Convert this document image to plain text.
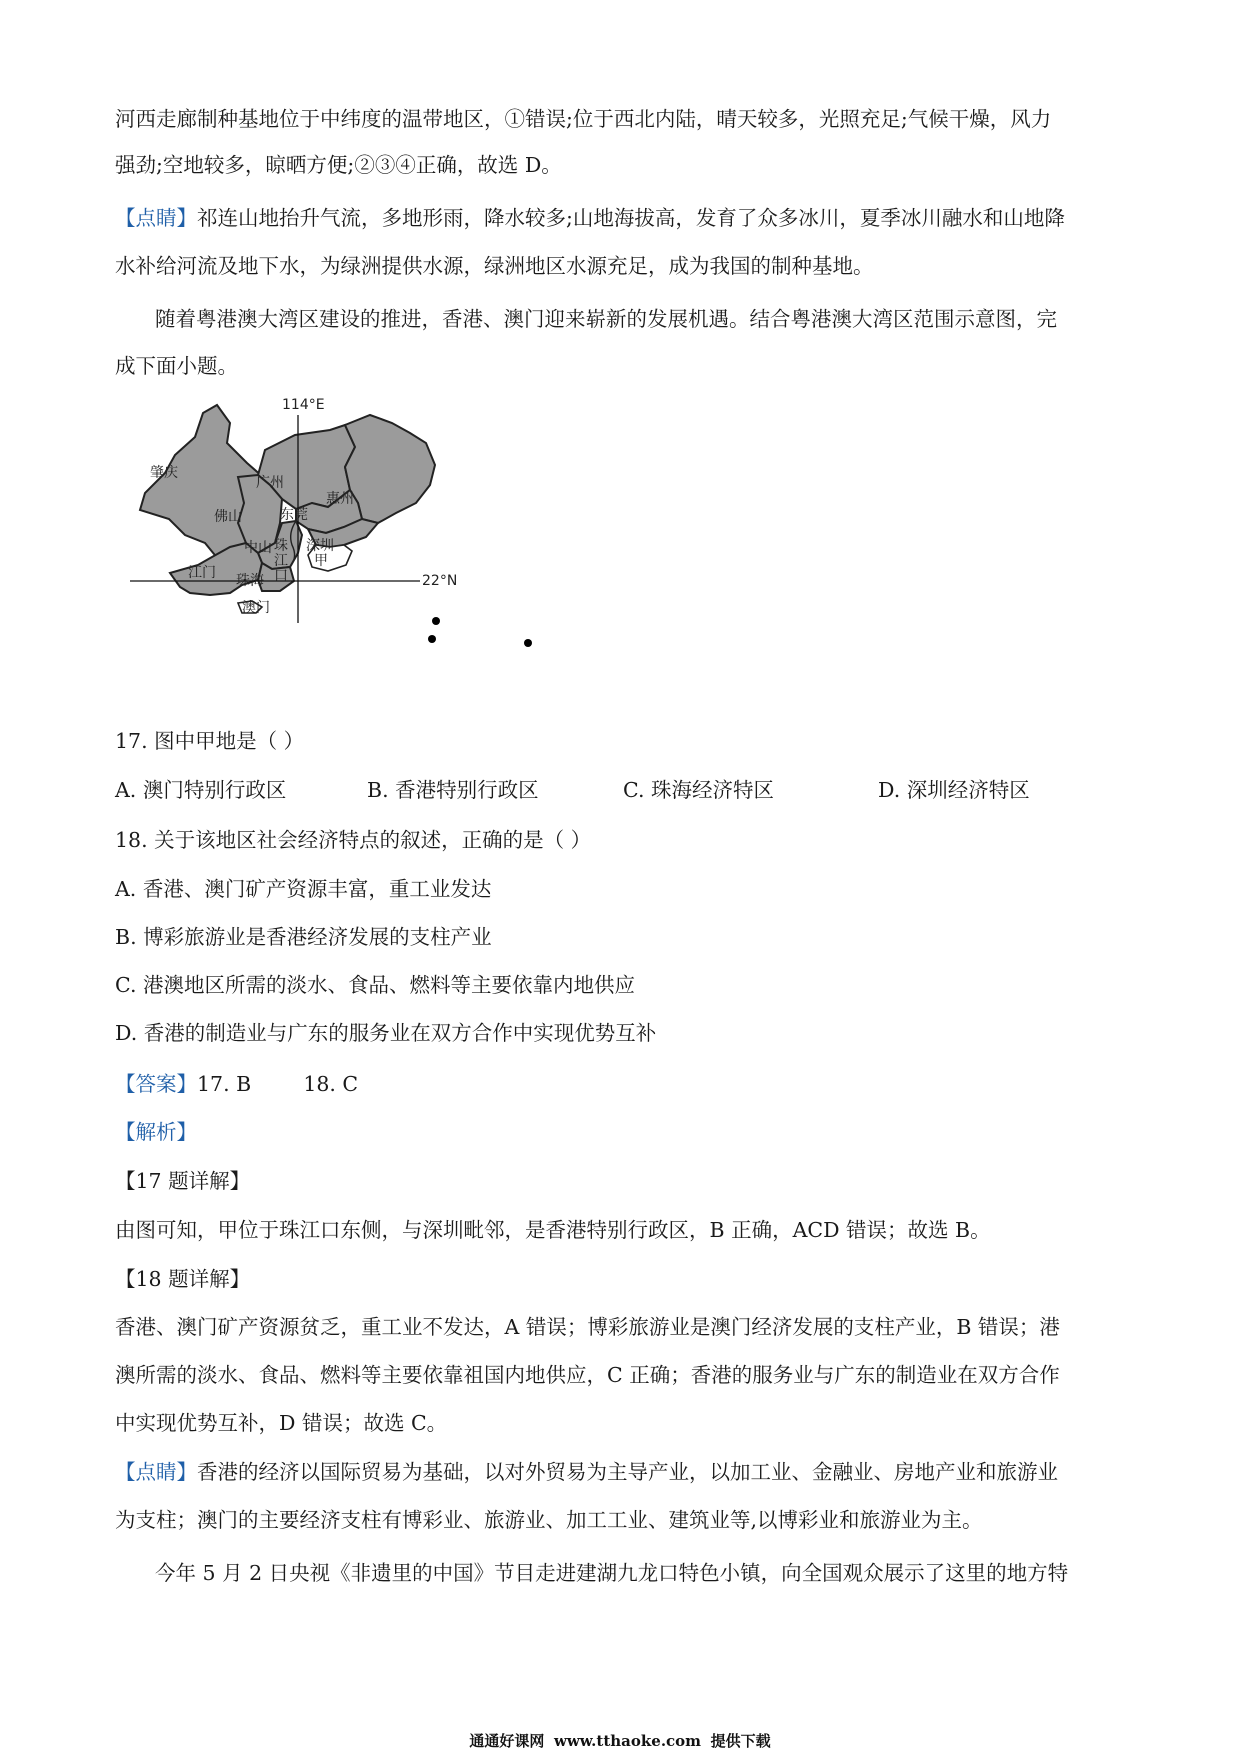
河西走廊制种基地位于中纬度的温带地区，①错误;位于西北内陆，晴天较多，光照充足;气候干燥，风力
强劲;空地较多，晾晒方便;②③④正确，故选 D。
【点睛】祁连山地抬升气流，多地形雨，降水较多;山地海拔高，发育了众多冰川，夏季冰川融水和山地降
水补给河流及地下水，为绿洲提供水源，绿洲地区水源充足，成为我国的制种基地。
随着粤港澳大湾区建设的推进，香港、澳门迎来崭新的发展机遇。结合粤港澳大湾区范围示意图，完
成下面小题。
114°E
22°N
肇庆
广州
惠州
佛山	东莞
中山 深圳
江门 珠海
澳门
甲
珠
江
口
17. 图中甲地是（ ）
A. 澳门特别行政区	B. 香港特别行政区	C. 珠海经济特区	D. 深圳经济特区
18. 关于该地区社会经济特点的叙述，正确的是（ ）
A. 香港、澳门矿产资源丰富，重工业发达
B. 博彩旅游业是香港经济发展的支柱产业
C. 港澳地区所需的淡水、食品、燃料等主要依靠内地供应
D. 香港的制造业与广东的服务业在双方合作中实现优势互补
【答案】17. B        18. C
【解析】
【17 题详解】
由图可知，甲位于珠江口东侧，与深圳毗邻，是香港特别行政区，B 正确，ACD 错误；故选 B。
【18 题详解】
香港、澳门矿产资源贫乏，重工业不发达，A 错误；博彩旅游业是澳门经济发展的支柱产业，B 错误；港
澳所需的淡水、食品、燃料等主要依靠祖国内地供应，C 正确；香港的服务业与广东的制造业在双方合作
中实现优势互补，D 错误；故选 C。
【点睛】香港的经济以国际贸易为基础，以对外贸易为主导产业，以加工业、金融业、房地产业和旅游业
为支柱；澳门的主要经济支柱有博彩业、旅游业、加工工业、建筑业等,以博彩业和旅游业为主。
今年 5 月 2 日央视《非遗里的中国》节目走进建湖九龙口特色小镇，向全国观众展示了这里的地方特
通通好课网 www.tthaoke.com 提供下载
